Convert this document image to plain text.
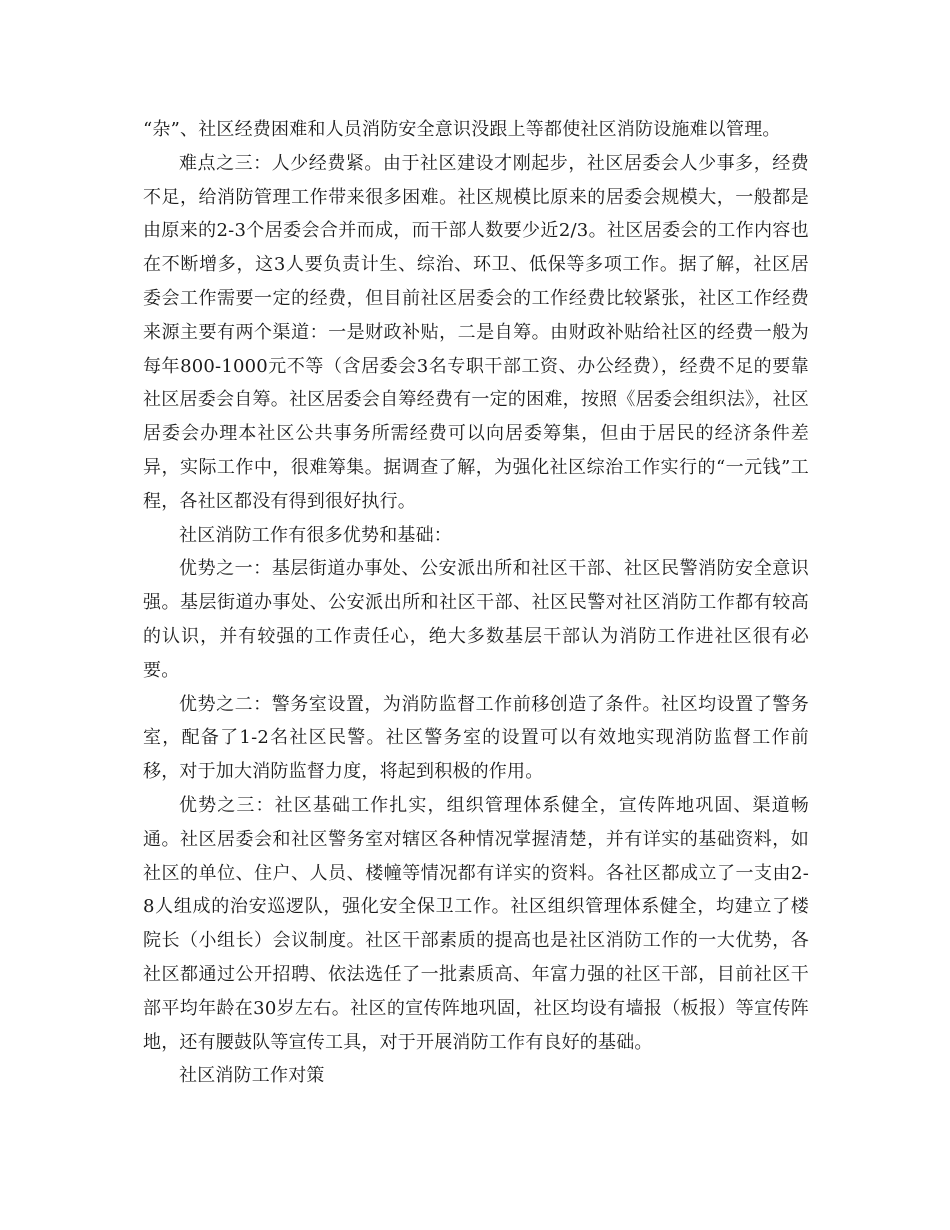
“杂”、社区经费困难和人员消防安全意识没跟上等都使社区消防设施难以管理。

难点之三：人少经费紧。由于社区建设才刚起步，社区居委会人少事多，经费不足，给消防管理工作带来很多困难。社区规模比原来的居委会规模大，一般都是由原来的2-3个居委会合并而成，而干部人数要少近2/3。社区居委会的工作内容也在不断增多，这3人要负责计生、综治、环卫、低保等多项工作。据了解，社区居委会工作需要一定的经费，但目前社区居委会的工作经费比较紧张，社区工作经费来源主要有两个渠道：一是财政补贴，二是自筹。由财政补贴给社区的经费一般为每年800-1000元不等（含居委会3名专职干部工资、办公经费），经费不足的要靠社区居委会自筹。社区居委会自筹经费有一定的困难，按照《居委会组织法》，社区居委会办理本社区公共事务所需经费可以向居委筹集，但由于居民的经济条件差异，实际工作中，很难筹集。据调查了解，为强化社区综治工作实行的“一元钱”工程，各社区都没有得到很好执行。

社区消防工作有很多优势和基础：

优势之一：基层街道办事处、公安派出所和社区干部、社区民警消防安全意识强。基层街道办事处、公安派出所和社区干部、社区民警对社区消防工作都有较高的认识，并有较强的工作责任心，绝大多数基层干部认为消防工作进社区很有必要。

优势之二：警务室设置，为消防监督工作前移创造了条件。社区均设置了警务室，配备了1-2名社区民警。社区警务室的设置可以有效地实现消防监督工作前移，对于加大消防监督力度，将起到积极的作用。

优势之三：社区基础工作扎实，组织管理体系健全，宣传阵地巩固、渠道畅通。社区居委会和社区警务室对辖区各种情况掌握清楚，并有详实的基础资料，如社区的单位、住户、人员、楼幢等情况都有详实的资料。各社区都成立了一支由2-8人组成的治安巡逻队，强化安全保卫工作。社区组织管理体系健全，均建立了楼院长（小组长）会议制度。社区干部素质的提高也是社区消防工作的一大优势，各社区都通过公开招聘、依法选任了一批素质高、年富力强的社区干部，目前社区干部平均年龄在30岁左右。社区的宣传阵地巩固，社区均设有墙报（板报）等宣传阵地，还有腰鼓队等宣传工具，对于开展消防工作有良好的基础。

社区消防工作对策
